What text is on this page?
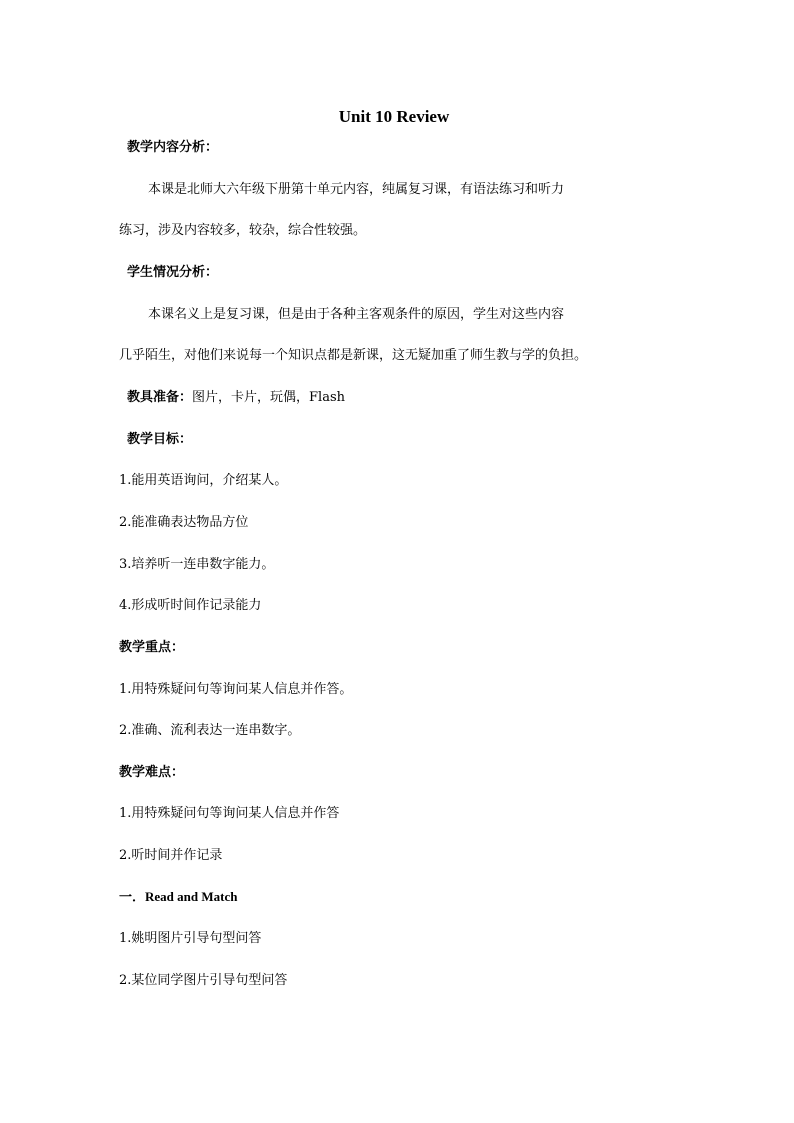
Unit 10 Review
教学内容分析：
本课是北师大六年级下册第十单元内容，纯属复习课，有语法练习和听力
练习，涉及内容较多，较杂，综合性较强。
学生情况分析：
本课名义上是复习课，但是由于各种主客观条件的原因，学生对这些内容
几乎陌生，对他们来说每一个知识点都是新课，这无疑加重了师生教与学的负担。
教具准备：图片，卡片，玩偶，Flash
教学目标：
1.能用英语询问，介绍某人。
2.能准确表达物品方位
3.培养听一连串数字能力。
4.形成听时间作记录能力
教学重点：
1.用特殊疑问句等询问某人信息并作答。
2.准确、流利表达一连串数字。
教学难点：
1.用特殊疑问句等询问某人信息并作答
2.听时间并作记录
一．Read and Match
1.姚明图片引导句型问答
2.某位同学图片引导句型问答
